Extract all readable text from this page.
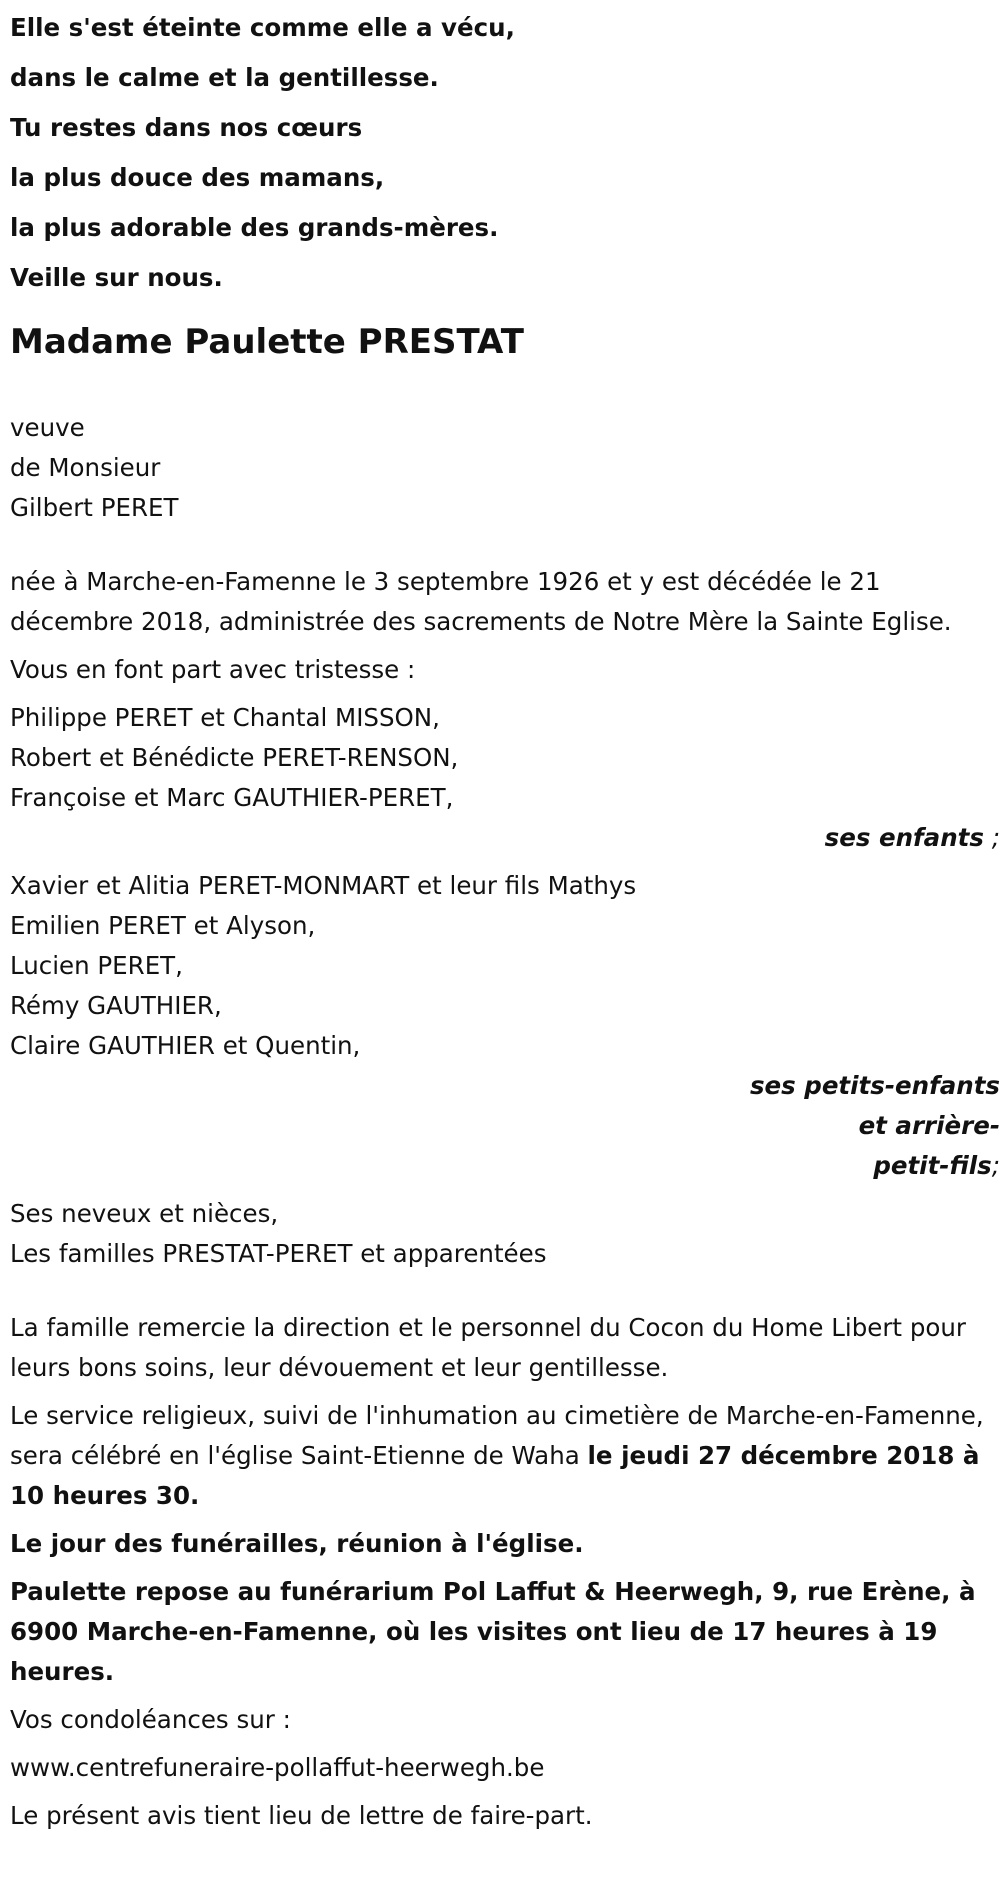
Elle s'est éteinte comme elle a vécu,
dans le calme et la gentillesse.
Tu restes dans nos cœurs
la plus douce des mamans,
la plus adorable des grands-mères.
Veille sur nous.
Madame Paulette PRESTAT
veuve
de Monsieur
Gilbert PERET
née à Marche-en-Famenne le 3 septembre 1926 et y est décédée le 21 décembre 2018, administrée des sacrements de Notre Mère la Sainte Eglise.
Vous en font part avec tristesse :
Philippe PERET et Chantal MISSON,
Robert et Bénédicte PERET-RENSON,
Françoise et Marc GAUTHIER-PERET,
ses enfants ;
Xavier et Alitia PERET-MONMART et leur fils Mathys
Emilien PERET et Alyson,
Lucien PERET,
Rémy GAUTHIER,
Claire GAUTHIER et Quentin,
ses petits-enfants
et arrière-
petit-fils;
Ses neveux et nièces,
Les familles PRESTAT-PERET et apparentées
La famille remercie la direction et le personnel du Cocon du Home Libert pour leurs bons soins, leur dévouement et leur gentillesse.
Le service religieux, suivi de l'inhumation au cimetière de Marche-en-Famenne, sera célébré en l'église Saint-Etienne de Waha le jeudi 27 décembre 2018 à 10 heures 30.
Le jour des funérailles, réunion à l'église.
Paulette repose au funérarium Pol Laffut & Heerwegh, 9, rue Erène, à 6900 Marche-en-Famenne, où les visites ont lieu de 17 heures à 19 heures.
Vos condoléances sur :
www.centrefuneraire-pollaffut-heerwegh.be
Le présent avis tient lieu de lettre de faire-part.
